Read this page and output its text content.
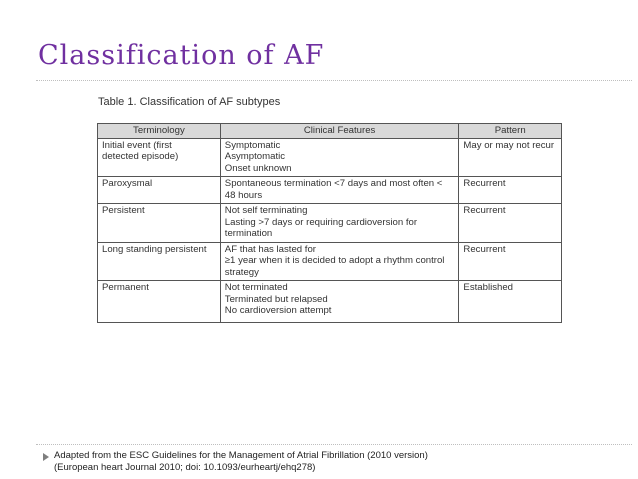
Classification of AF
Table 1. Classification of AF subtypes
Terminology	Clinical Features	Pattern

Initial event (first
detected episode)	Symptomatic
Asymptomatic
Onset unknown	May or may not recur

Paroxysmal	Spontaneous termination <7 days and most often <
48 hours	Recurrent

Persistent	Not self terminating
Lasting >7 days or requiring cardioversion for
termination	Recurrent

Long standing persistent	AF that has lasted for
≥1 year when it is decided to adopt a rhythm control
strategy	Recurrent

Permanent	Not terminated
Terminated but relapsed
No cardioversion attempt	Established
Adapted from the ESC Guidelines for the Management of Atrial Fibrillation (2010 version)
(European heart Journal 2010; doi: 10.1093/eurheartj/ehq278)
